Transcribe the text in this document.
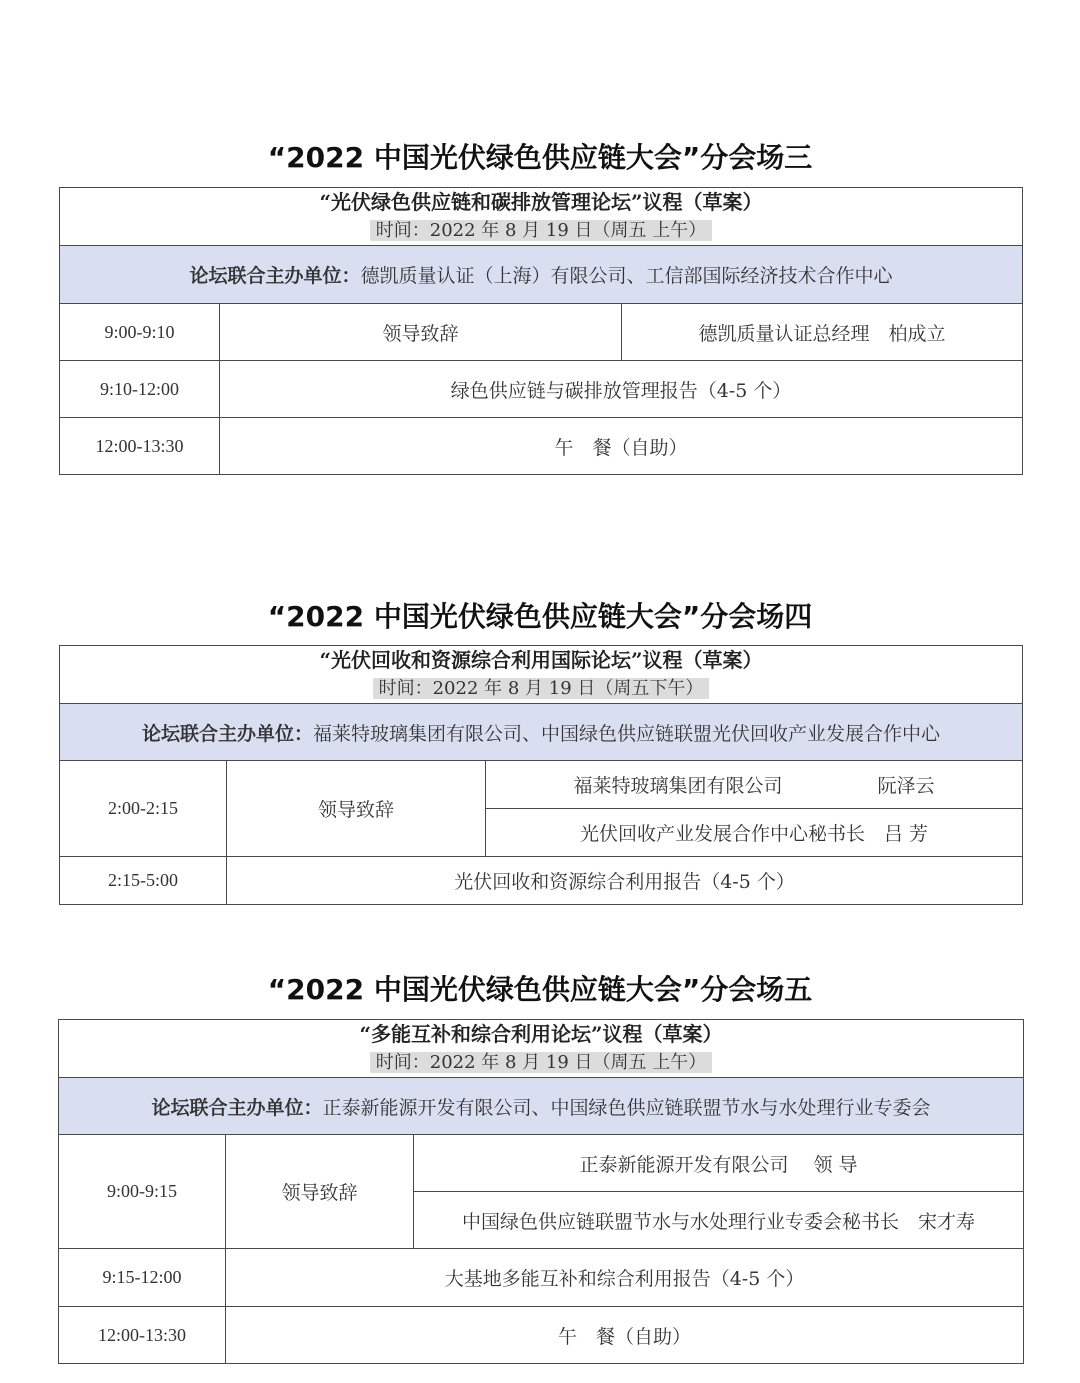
“2022 中国光伏绿色供应链大会”分会场三
“光伏绿色供应链和碳排放管理论坛”议程（草案）
时间：2022 年 8 月 19 日（周五 上午）		
论坛联合主办单位：德凯质量认证（上海）有限公司、工信部国际经济技术合作中心		
9:00-9:10	领导致辞	德凯质量认证总经理　柏成立
9:10-12:00	绿色供应链与碳排放管理报告（4-5 个）	
12:00-13:30	午　餐（自助）	
“2022 中国光伏绿色供应链大会”分会场四
“光伏回收和资源综合利用国际论坛”议程（草案）
时间：2022 年 8 月 19 日（周五下午）		
论坛联合主办单位：福莱特玻璃集团有限公司、中国绿色供应链联盟光伏回收产业发展合作中心		
2:00-2:15	领导致辞	福莱特玻璃集团有限公司　　　　　阮泽云
		光伏回收产业发展合作中心秘书长　吕 芳
2:15-5:00	光伏回收和资源综合利用报告（4-5 个）	
“2022 中国光伏绿色供应链大会”分会场五
“多能互补和综合利用论坛”议程（草案）
时间：2022 年 8 月 19 日（周五 上午）		
论坛联合主办单位：正泰新能源开发有限公司、中国绿色供应链联盟节水与水处理行业专委会		
9:00-9:15	领导致辞	正泰新能源开发有限公司　 领 导
		中国绿色供应链联盟节水与水处理行业专委会秘书长　宋才寿
9:15-12:00	大基地多能互补和综合利用报告（4-5 个）	
12:00-13:30	午　餐（自助）	
